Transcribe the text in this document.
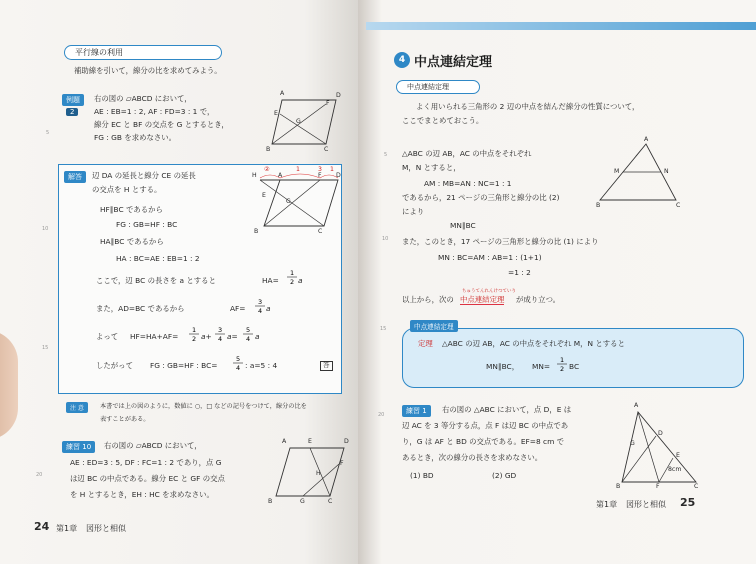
平行線の利用
補助線を引いて，線分の比を求めてみよう。
例題
2
右の図の ▱ABCD において，
AE : EB=1 : 2, AF : FD=3 : 1 で，
線分 EC と BF の交点を G とするとき，
FG : GB を求めなさい。
A	D
E
G
F
B	C
解答	辺 DA の延長と線分 CE の延長
の交点を H とする。
HF∥BC であるから
FG : GB=HF : BC
HA∥BC であるから
HA : BC=AE : EB=1 : 2
ここで，辺 BC の長さを a とすると	HA=
1
2 a
また，AD=BC であるから	AF=
3
4 a
よって HF=HA+AF=
1
2 a+
3
4 a=
5
4 a
したがって FG : GB=HF : BC=
5
4 : a=5 : 4	答
H	A	F D
E
G
B	C
②	1	3 1
注 意	本書では上の図のように，数値に ○，□ などの記号をつけて，線分の比を
表すことがある。
練習 10	右の図の ▱ABCD において，
AE : ED=3 : 5, DF : FC=1 : 2 であり，点 G
は辺 BC の中点である。線分 EC と GF の交点
を H とするとき，EH : HC を求めなさい。
A	E	D
F
H
B	G	C
5
10
15
20
24 第1章 図形と相似
4 中点連結定理
中点連結定理
よく用いられる三角形の 2 辺の中点を結んだ線分の性質について，
ここでまとめておこう。
△ABC の辺 AB，AC の中点をそれぞれ
M，N とすると，
AM : MB=AN : NC=1 : 1
であるから，21 ページの三角形と線分の比 (2)
により
MN∥BC
また，このとき，17 ページの三角形と線分の比 (1) により
MN : BC=AM : AB=1 : (1+1)
=1 : 2
以上から，次の
ちゅうてんれんけつていり
中点連結定理 が成り立つ。
A
M	N
B	C
中点連結定理
定理 △ABC の辺 AB，AC の中点をそれぞれ M，N とすると
MN∥BC， MN=
1
2 BC
練習 1	右の図の △ABC において，点 D，E は
辺 AC を 3 等分する点，点 F は辺 BC の中点であ
り，G は AF と BD の交点である。EF=8 cm で
あるとき，次の線分の長さを求めなさい。
(1) BD	(2) GD
A
D
G
E
B	F	C
8cm
5
10
15
20
第1章 図形と相似 25
